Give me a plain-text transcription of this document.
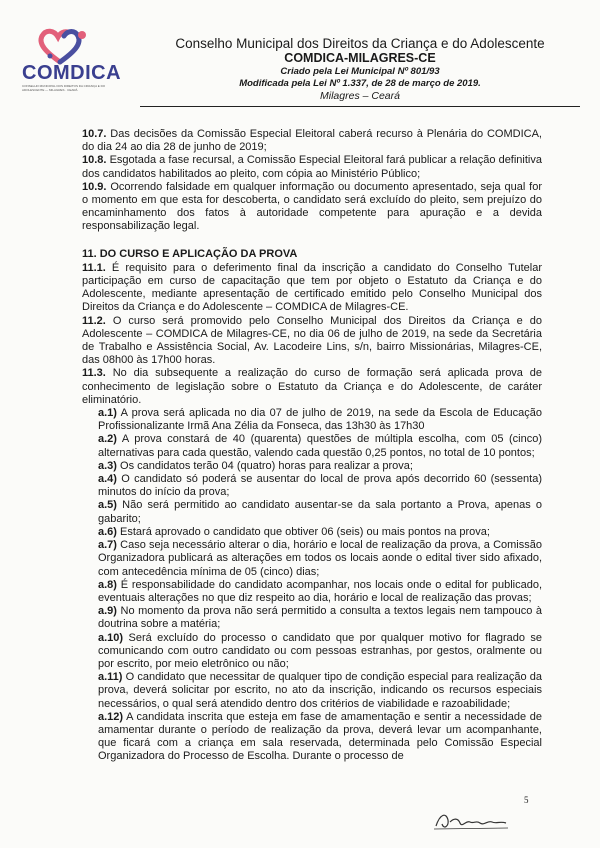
COMDICA
CONSELHO MUNICIPAL DOS DIREITOS DA CRIANÇA E DO ADOLESCENTE — MILAGRES · CEARÁ
Conselho Municipal dos Direitos da Criança e do Adolescente
COMDICA-MILAGRES-CE
Criado pela Lei Municipal Nº 801/93
Modificada pela Lei Nº 1.337, de 28 de março de 2019.
Milagres – Ceará

10.7. Das decisões da Comissão Especial Eleitoral caberá recurso à Plenária do COMDICA, do dia 24 ao dia 28 de junho de 2019;

10.8. Esgotada a fase recursal, a Comissão Especial Eleitoral fará publicar a relação definitiva dos candidatos habilitados ao pleito, com cópia ao Ministério Público;

10.9. Ocorrendo falsidade em qualquer informação ou documento apresentado, seja qual for o momento em que esta for descoberta, o candidato será excluído do pleito, sem prejuízo do encaminhamento dos fatos à autoridade competente para apuração e a devida responsabilização legal.

11. DO CURSO E APLICAÇÃO DA PROVA

11.1. É requisito para o deferimento final da inscrição a candidato do Conselho Tutelar participação em curso de capacitação que tem por objeto o Estatuto da Criança e do Adolescente, mediante apresentação de certificado emitido pelo Conselho Municipal dos Direitos da Criança e do Adolescente – COMDICA de Milagres-CE.

11.2. O curso será promovido pelo Conselho Municipal dos Direitos da Criança e do Adolescente – COMDICA de Milagres-CE, no dia 06 de julho de 2019, na sede da Secretária de Trabalho e Assistência Social, Av. Lacodeire Lins, s/n, bairro Missionárias, Milagres-CE, das 08h00 às 17h00 horas.

11.3. No dia subsequente a realização do curso de formação será aplicada prova de conhecimento de legislação sobre o Estatuto da Criança e do Adolescente, de caráter eliminatório.

a.1) A prova será aplicada no dia 07 de julho de 2019, na sede da Escola de Educação Profissionalizante Irmã Ana Zélia da Fonseca, das 13h30 às 17h30

a.2) A prova constará de 40 (quarenta) questões de múltipla escolha, com 05 (cinco) alternativas para cada questão, valendo cada questão 0,25 pontos, no total de 10 pontos;

a.3) Os candidatos terão 04 (quatro) horas para realizar a prova;

a.4) O candidato só poderá se ausentar do local de prova após decorrido 60 (sessenta) minutos do início da prova;

a.5) Não será permitido ao candidato ausentar-se da sala portanto a Prova, apenas o gabarito;

a.6) Estará aprovado o candidato que obtiver 06 (seis) ou mais pontos na prova;

a.7) Caso seja necessário alterar o dia, horário e local de realização da prova, a Comissão Organizadora publicará as alterações em todos os locais aonde o edital tiver sido afixado, com antecedência mínima de 05 (cinco) dias;

a.8) É responsabilidade do candidato acompanhar, nos locais onde o edital for publicado, eventuais alterações no que diz respeito ao dia, horário e local de realização das provas;

a.9) No momento da prova não será permitido a consulta a textos legais nem tampouco à doutrina sobre a matéria;

a.10) Será excluído do processo o candidato que por qualquer motivo for flagrado se comunicando com outro candidato ou com pessoas estranhas, por gestos, oralmente ou por escrito, por meio eletrônico ou não;

a.11) O candidato que necessitar de qualquer tipo de condição especial para realização da prova, deverá solicitar por escrito, no ato da inscrição, indicando os recursos especiais necessários, o qual será atendido dentro dos critérios de viabilidade e razoabilidade;

a.12) A candidata inscrita que esteja em fase de amamentação e sentir a necessidade de amamentar durante o período de realização da prova, deverá levar um acompanhante, que ficará com a criança em sala reservada, determinada pelo Comissão Especial Organizadora do Processo de Escolha. Durante o processo de

5
